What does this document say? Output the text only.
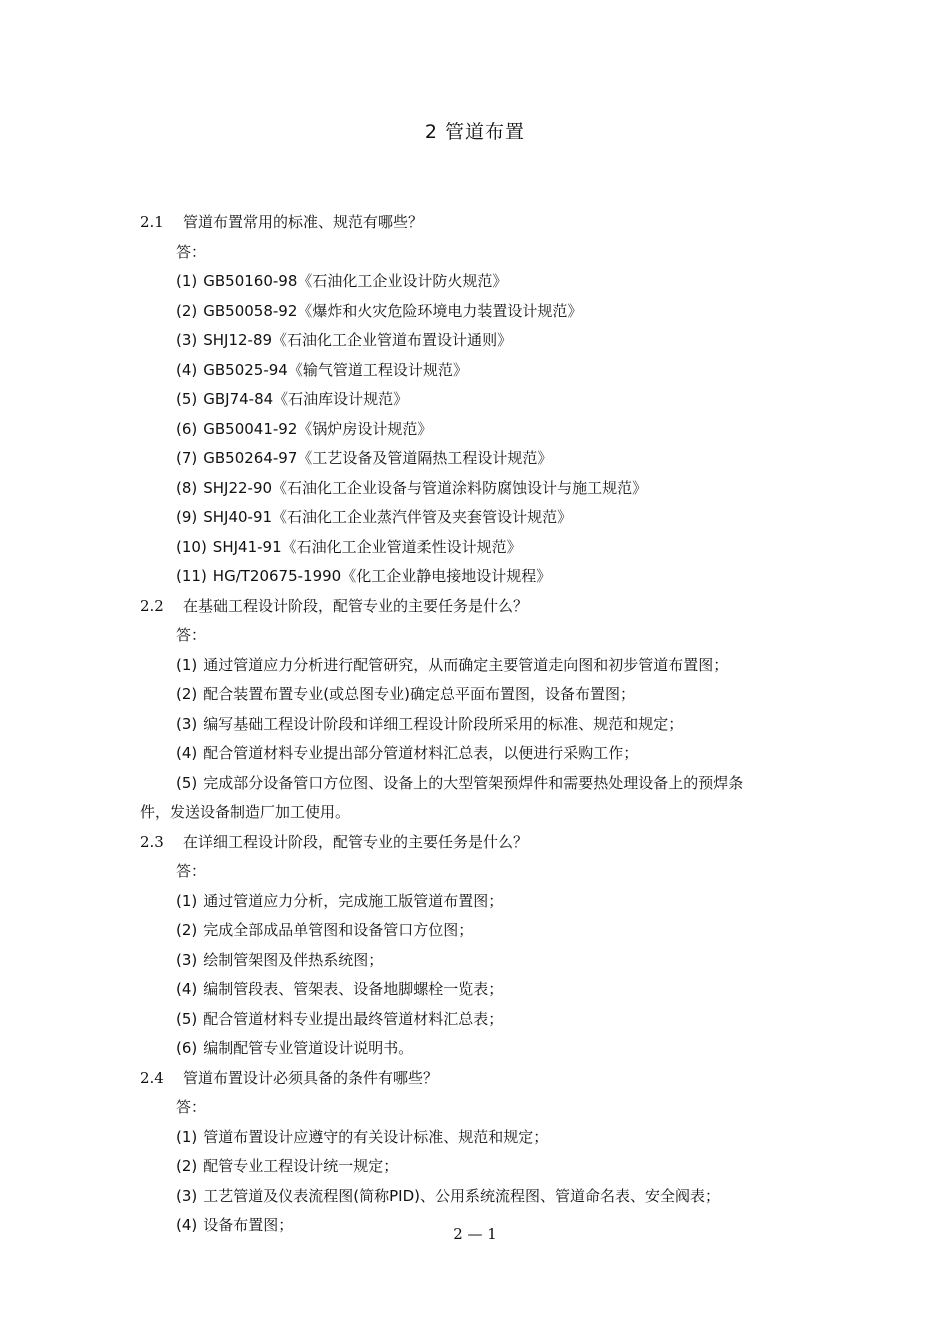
2 管道布置
2.1 管道布置常用的标准、规范有哪些？
答：
(1) GB50160-98《石油化工企业设计防火规范》
(2) GB50058-92《爆炸和火灾危险环境电力装置设计规范》
(3) SHJ12-89《石油化工企业管道布置设计通则》
(4) GB5025-94《输气管道工程设计规范》
(5) GBJ74-84《石油库设计规范》
(6) GB50041-92《锅炉房设计规范》
(7) GB50264-97《工艺设备及管道隔热工程设计规范》
(8) SHJ22-90《石油化工企业设备与管道涂料防腐蚀设计与施工规范》
(9) SHJ40-91《石油化工企业蒸汽伴管及夹套管设计规范》
(10) SHJ41-91《石油化工企业管道柔性设计规范》
(11) HG/T20675-1990《化工企业静电接地设计规程》
2.2 在基础工程设计阶段，配管专业的主要任务是什么？
答：
(1) 通过管道应力分析进行配管研究，从而确定主要管道走向图和初步管道布置图；
(2) 配合装置布置专业(或总图专业)确定总平面布置图，设备布置图；
(3) 编写基础工程设计阶段和详细工程设计阶段所采用的标准、规范和规定；
(4) 配合管道材料专业提出部分管道材料汇总表，以便进行采购工作；
(5) 完成部分设备管口方位图、设备上的大型管架预焊件和需要热处理设备上的预焊条
件，发送设备制造厂加工使用。
2.3 在详细工程设计阶段，配管专业的主要任务是什么？
答：
(1) 通过管道应力分析，完成施工版管道布置图；
(2) 完成全部成品单管图和设备管口方位图；
(3) 绘制管架图及伴热系统图；
(4) 编制管段表、管架表、设备地脚螺栓一览表；
(5) 配合管道材料专业提出最终管道材料汇总表；
(6) 编制配管专业管道设计说明书。
2.4 管道布置设计必须具备的条件有哪些？
答：
(1) 管道布置设计应遵守的有关设计标准、规范和规定；
(2) 配管专业工程设计统一规定；
(3) 工艺管道及仪表流程图(简称PID)、公用系统流程图、管道命名表、安全阀表；
(4) 设备布置图；	2 — 1
